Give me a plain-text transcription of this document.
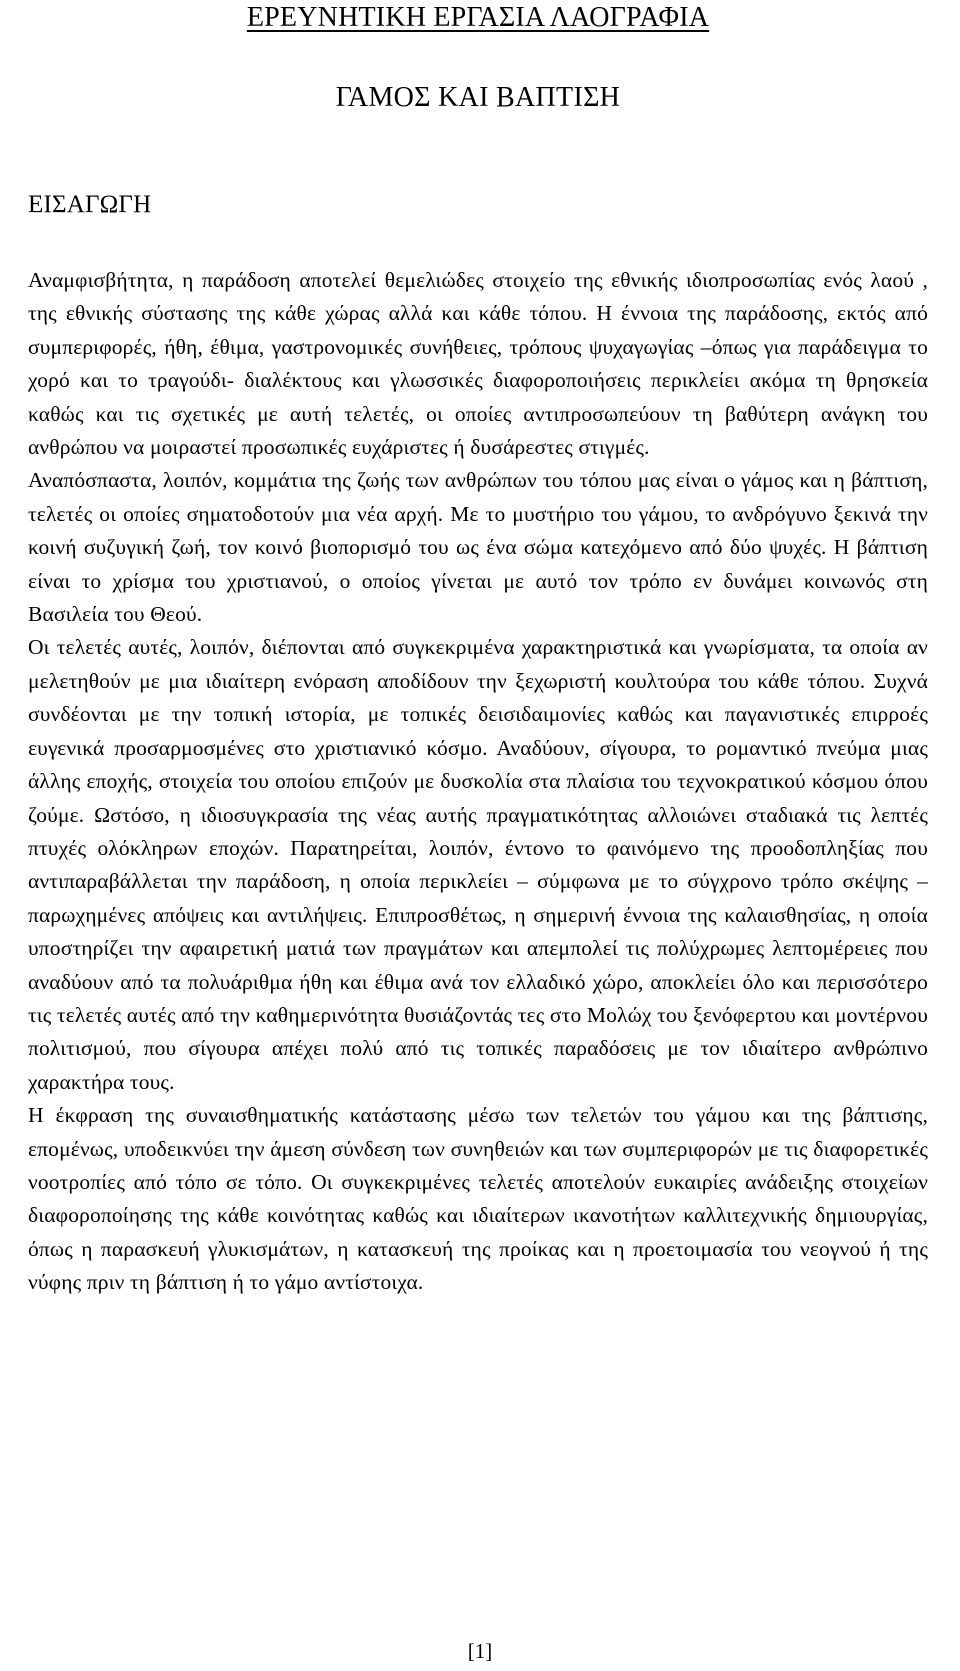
ΕΡΕΥΝΗΤΙΚΗ ΕΡΓΑΣΙΑ ΛΑΟΓΡΑΦΙΑ
ΓΑΜΟΣ ΚΑΙ ΒΑΠΤΙΣΗ
ΕΙΣΑΓΩΓΗ

Αναμφισβήτητα, η παράδοση αποτελεί θεμελιώδες στοιχείο της εθνικής ιδιοπροσωπίας ενός λαού , της εθνικής σύστασης της κάθε χώρας αλλά και κάθε τόπου. Η έννοια της παράδοσης, εκτός από συμπεριφορές, ήθη, έθιμα, γαστρονομικές συνήθειες, τρόπους ψυχαγωγίας –όπως για παράδειγμα το χορό και το τραγούδι- διαλέκτους και γλωσσικές διαφοροποιήσεις περικλείει ακόμα τη θρησκεία καθώς και τις σχετικές με αυτή τελετές, οι οποίες αντιπροσωπεύουν τη βαθύτερη ανάγκη του ανθρώπου να μοιραστεί προσωπικές ευχάριστες ή δυσάρεστες στιγμές.

Αναπόσπαστα, λοιπόν, κομμάτια της ζωής των ανθρώπων του τόπου μας είναι ο γάμος και η βάπτιση, τελετές οι οποίες σηματοδοτούν μια νέα αρχή. Με το μυστήριο του γάμου, το ανδρόγυνο ξεκινά την κοινή συζυγική ζωή, τον κοινό βιοπορισμό του ως ένα σώμα κατεχόμενο από δύο ψυχές. Η βάπτιση είναι το χρίσμα του χριστιανού, ο οποίος γίνεται με αυτό τον τρόπο εν δυνάμει κοινωνός στη Βασιλεία του Θεού.

Οι τελετές αυτές, λοιπόν, διέπονται από συγκεκριμένα χαρακτηριστικά και γνωρίσματα, τα οποία αν μελετηθούν με μια ιδιαίτερη ενόραση αποδίδουν την ξεχωριστή κουλτούρα του κάθε τόπου. Συχνά συνδέονται με την τοπική ιστορία, με τοπικές δεισιδαιμονίες καθώς και παγανιστικές επιρροές ευγενικά προσαρμοσμένες στο χριστιανικό κόσμο. Αναδύουν, σίγουρα, το ρομαντικό πνεύμα μιας άλλης εποχής, στοιχεία του οποίου επιζούν με δυσκολία στα πλαίσια του τεχνοκρατικού κόσμου όπου ζούμε. Ωστόσο, η ιδιοσυγκρασία της νέας αυτής πραγματικότητας αλλοιώνει σταδιακά τις λεπτές πτυχές ολόκληρων εποχών. Παρατηρείται, λοιπόν, έντονο το φαινόμενο της προοδοπληξίας που αντιπαραβάλλεται την παράδοση, η οποία περικλείει – σύμφωνα με το σύγχρονο τρόπο σκέψης – παρωχημένες απόψεις και αντιλήψεις. Επιπροσθέτως, η σημερινή έννοια της καλαισθησίας, η οποία υποστηρίζει την αφαιρετική ματιά των πραγμάτων και απεμπολεί τις πολύχρωμες λεπτομέρειες που αναδύουν από τα πολυάριθμα ήθη και έθιμα ανά τον ελλαδικό χώρο, αποκλείει όλο και περισσότερο τις τελετές αυτές από την καθημερινότητα θυσιάζοντάς τες στο Μολώχ του ξενόφερτου και μοντέρνου πολιτισμού, που σίγουρα απέχει πολύ από τις τοπικές παραδόσεις με τον ιδιαίτερο ανθρώπινο χαρακτήρα τους.

Η έκφραση της συναισθηματικής κατάστασης μέσω των τελετών του γάμου και της βάπτισης, επομένως, υποδεικνύει την άμεση σύνδεση των συνηθειών και των συμπεριφορών με τις διαφορετικές νοοτροπίες από τόπο σε τόπο. Οι συγκεκριμένες τελετές αποτελούν ευκαιρίες ανάδειξης στοιχείων διαφοροποίησης της κάθε κοινότητας καθώς και ιδιαίτερων ικανοτήτων καλλιτεχνικής δημιουργίας, όπως η παρασκευή γλυκισμάτων, η κατασκευή της προίκας και η προετοιμασία του νεογνού ή της νύφης πριν τη βάπτιση ή το γάμο αντίστοιχα.

[1]
